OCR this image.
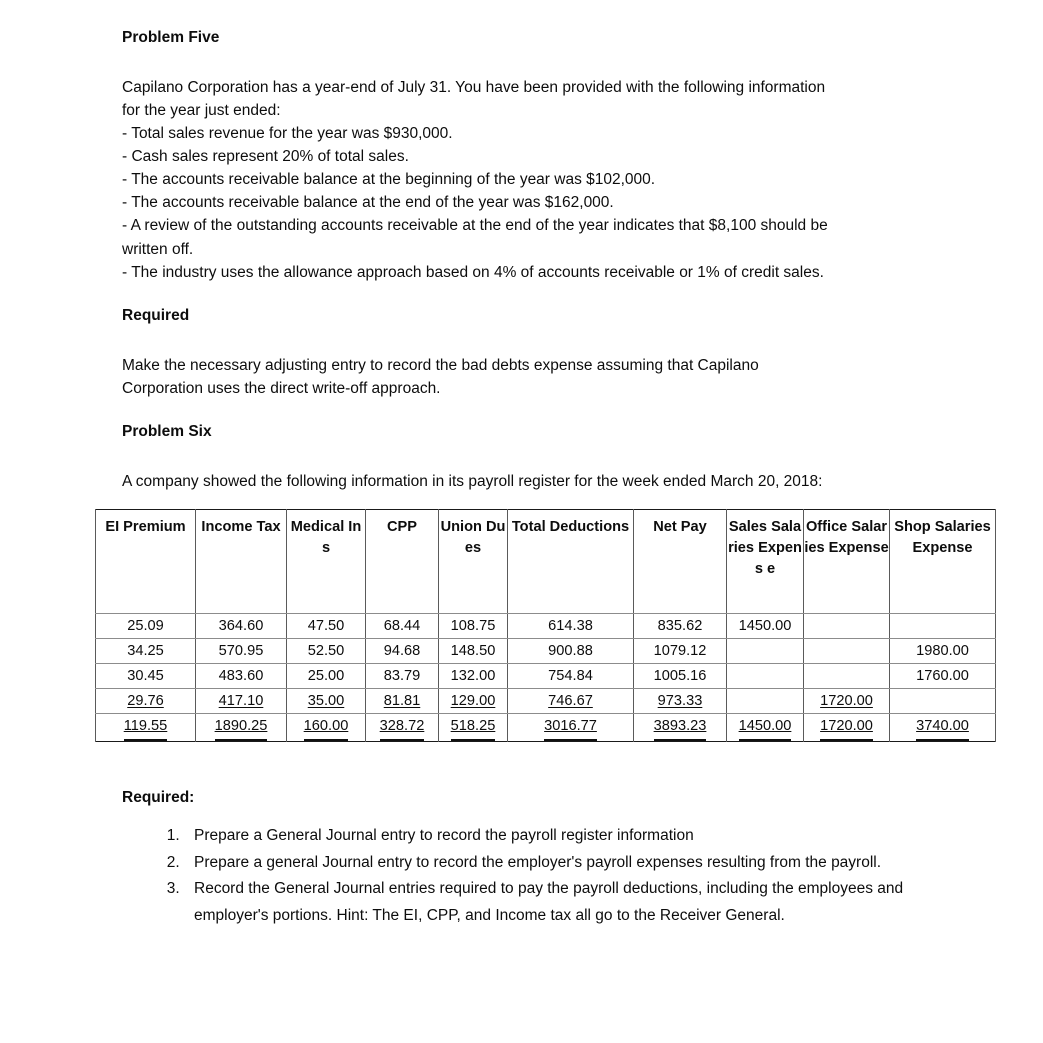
Problem Five

Capilano Corporation has a year-end of July 31. You have been provided with the following information
for the year just ended:
- Total sales revenue for the year was $930,000.
- Cash sales represent 20% of total sales.
- The accounts receivable balance at the beginning of the year was $102,000.
- The accounts receivable balance at the end of the year was $162,000.
- A review of the outstanding accounts receivable at the end of the year indicates that $8,100 should be
written off.
- The industry uses the allowance approach based on 4% of accounts receivable or 1% of credit sales.

Required

Make the necessary adjusting entry to record the bad debts expense assuming that Capilano
Corporation uses the direct write-off approach.

Problem Six

A company showed the following information in its payroll register for the week ended March 20, 2018:

EI Premium	Income Tax	Medical Ins	CPP	Union Dues	Total Deductions	Net Pay	Sales Salaries Expens e	Office Salaries Expense	Shop Salaries Expense
25.09	364.60	47.50	68.44	108.75	614.38	835.62	1450.00		
34.25	570.95	52.50	94.68	148.50	900.88	1079.12			1980.00
30.45	483.60	25.00	83.79	132.00	754.84	1005.16			1760.00
29.76	417.10	35.00	81.81	129.00	746.67	973.33		1720.00	
119.55	1890.25	160.00	328.72	518.25	3016.77	3893.23	1450.00	1720.00	3740.00

Required:

1. Prepare a General Journal entry to record the payroll register information
2. Prepare a general Journal entry to record the employer's payroll expenses resulting from the payroll.
3. Record the General Journal entries required to pay the payroll deductions, including the employees and employer's portions. Hint: The EI, CPP, and Income tax all go to the Receiver General.
